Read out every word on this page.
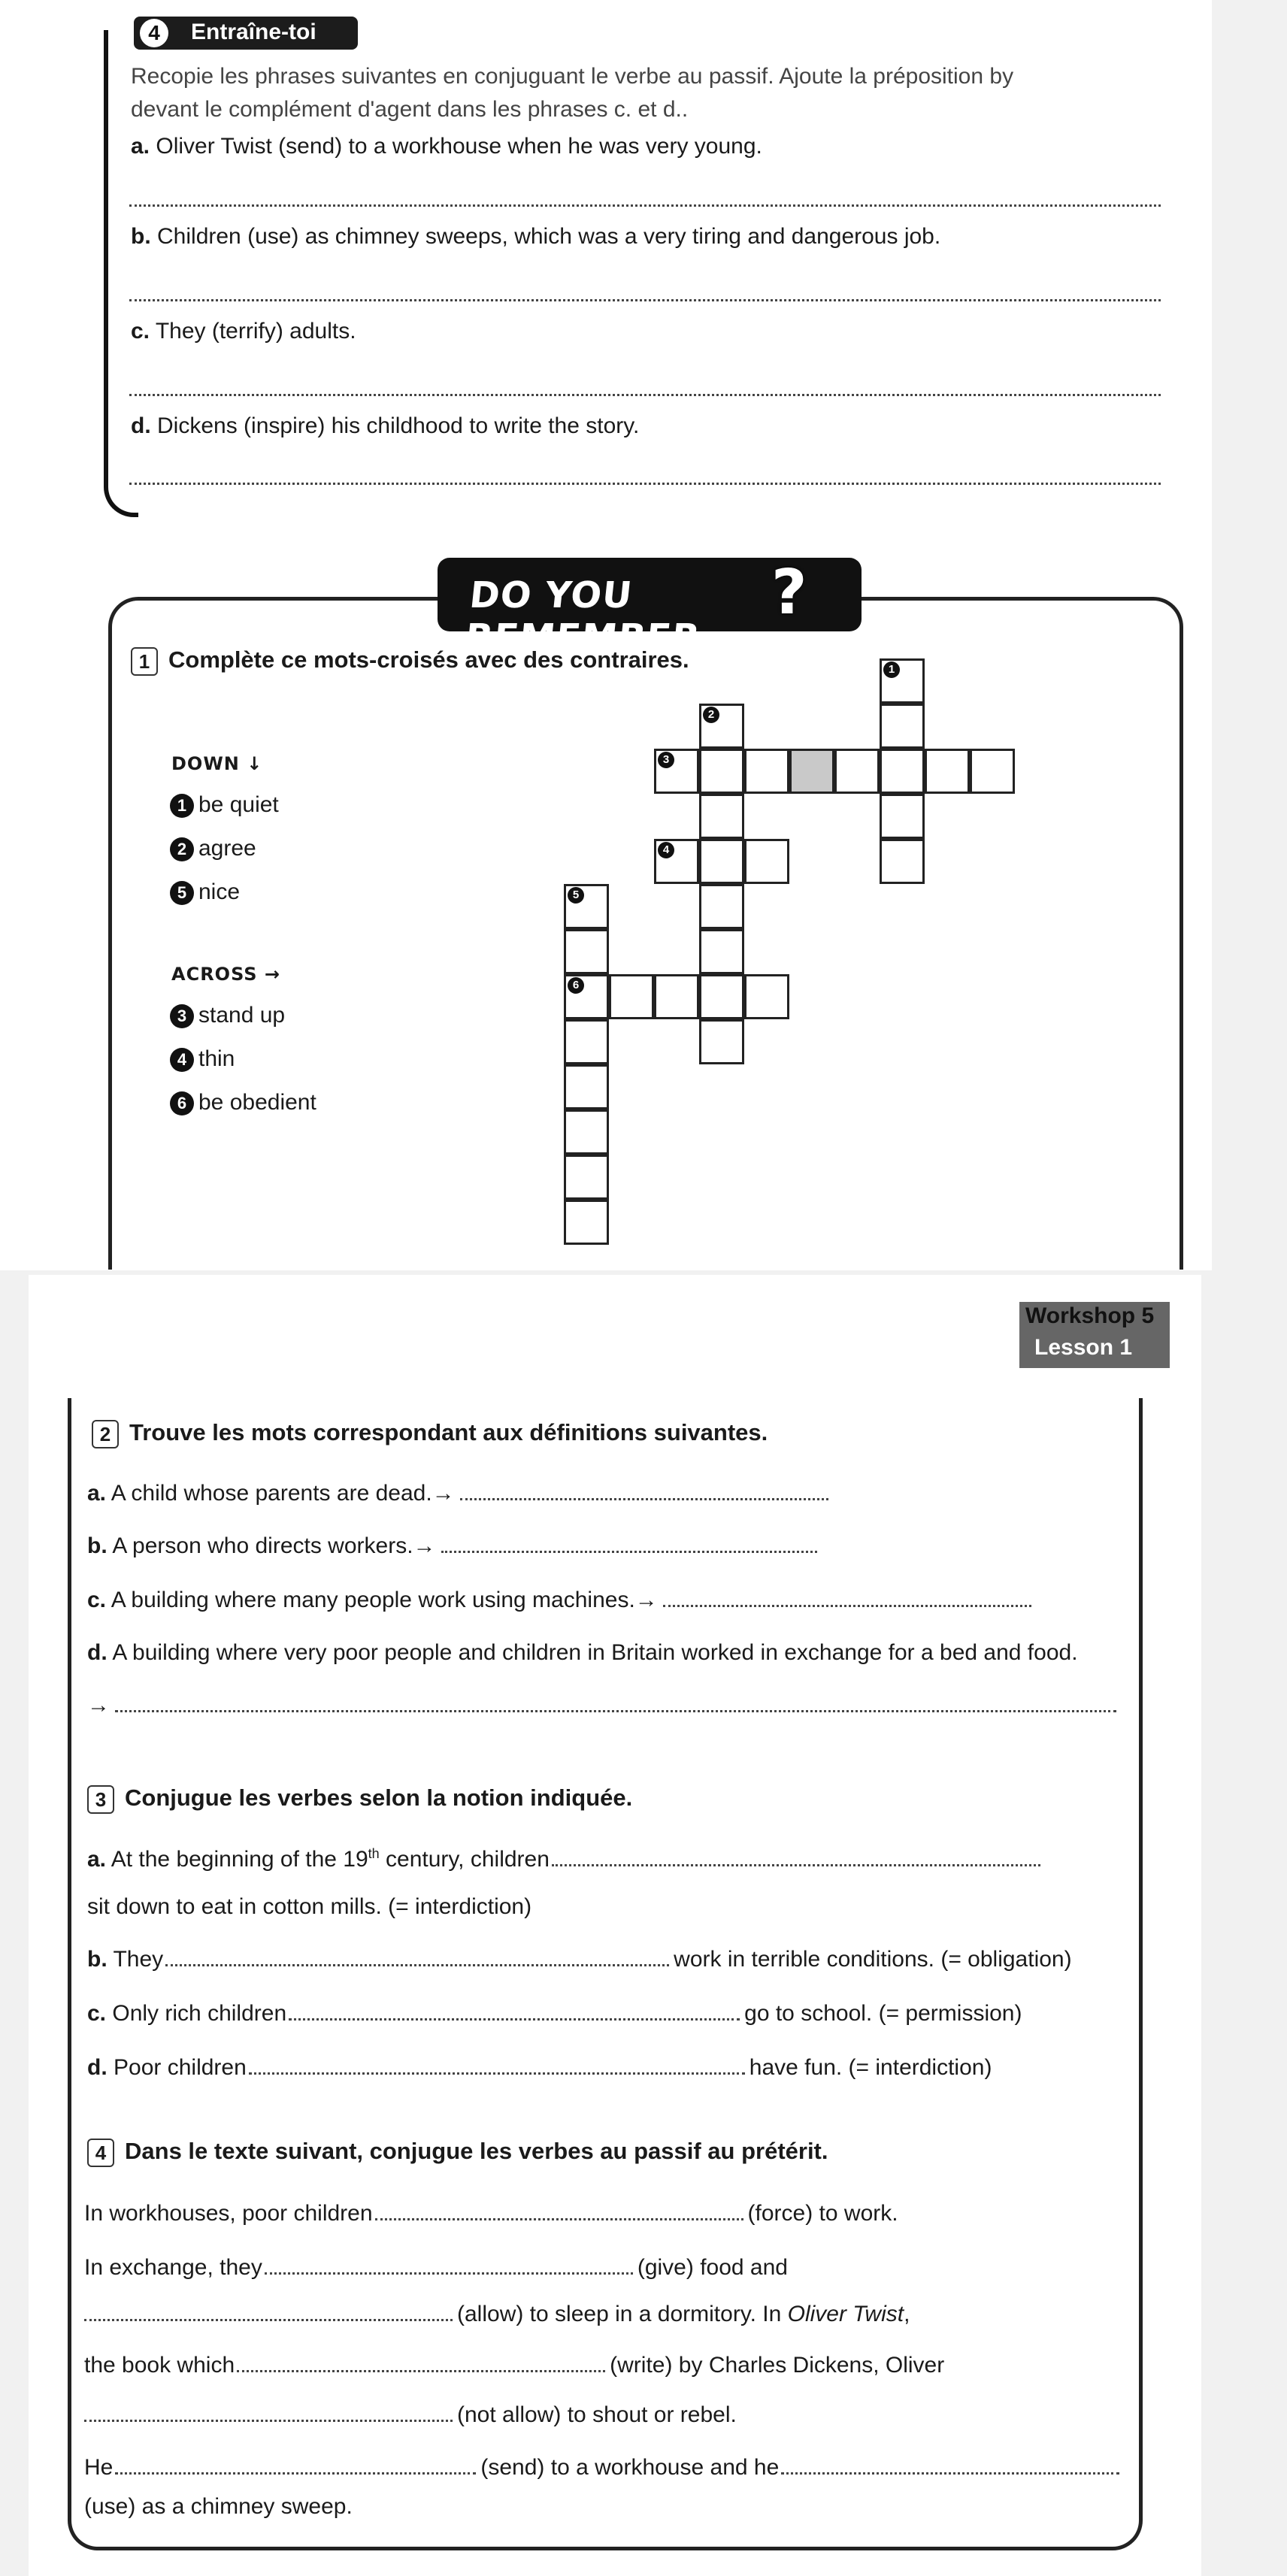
4	Entraîne-toi
Recopie les phrases suivantes en conjuguant le verbe au passif. Ajoute la préposition by
devant le complément d'agent dans les phrases c. et d..
a. Oliver Twist (send) to a workhouse when he was very young.
b. Children (use) as chimney sweeps, which was a very tiring and dangerous job.
c. They (terrify) adults.
d. Dickens (inspire) his childhood to write the story.
DO YOU REMEMBER
?
1 Complète ce mots-croisés avec des contraires.
DOWN ↓
1 be quiet
2 agree
5 nice
ACROSS →
3 stand up
4 thin
6 be obedient
1
2
3
4
5
6
Workshop 5
Lesson 1
2 Trouve les mots correspondant aux définitions suivantes.
a. A child whose parents are dead.→
b. A person who directs workers.→
c. A building where many people work using machines.→
d. A building where very poor people and children in Britain worked in exchange for a bed and food.
→
3 Conjugue les verbes selon la notion indiquée.
a. At the beginning of the 19th century, children
sit down to eat in cotton mills. (= interdiction)
b. They	work in terrible conditions. (= obligation)
c. Only rich children	go to school. (= permission)
d. Poor children	have fun. (= interdiction)
4 Dans le texte suivant, conjugue les verbes au passif au prétérit.
In workhouses, poor children	(force) to work.
In exchange, they	(give) food and
(allow) to sleep in a dormitory. In Oliver Twist,
the book which	(write) by Charles Dickens, Oliver
(not allow) to shout or rebel.
He	(send) to a workhouse and he
(use) as a chimney sweep.
